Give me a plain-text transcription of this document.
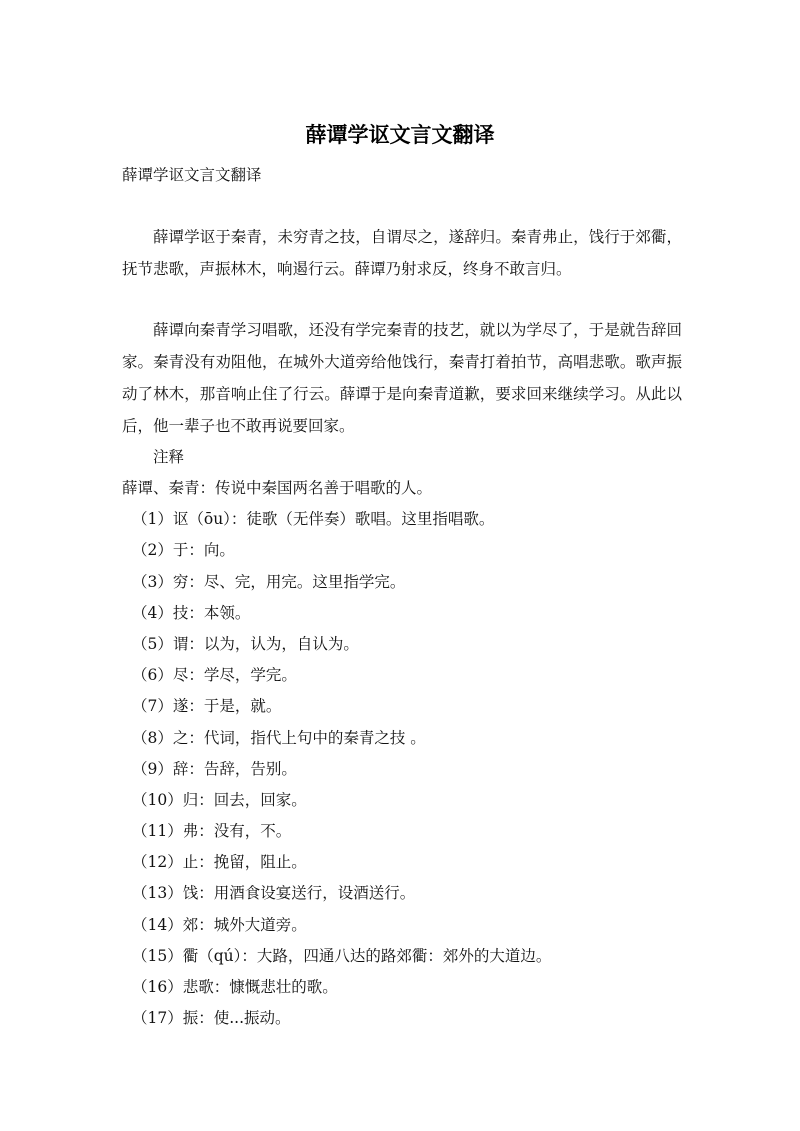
薛谭学讴文言文翻译

薛谭学讴文言文翻译

薛谭学讴于秦青，未穷青之技，自谓尽之，遂辞归。秦青弗止，饯行于郊衢，抚节悲歌，声振林木，响遏行云。薛谭乃射求反，终身不敢言归。

薛谭向秦青学习唱歌，还没有学完秦青的技艺，就以为学尽了，于是就告辞回家。秦青没有劝阻他，在城外大道旁给他饯行，秦青打着拍节，高唱悲歌。歌声振动了林木，那音响止住了行云。薛谭于是向秦青道歉，要求回来继续学习。从此以后，他一辈子也不敢再说要回家。

注释

薛谭、秦青：传说中秦国两名善于唱歌的人。

（1）讴（ōu）：徒歌（无伴奏）歌唱。这里指唱歌。

（2）于：向。

（3）穷：尽、完，用完。这里指学完。

（4）技：本领。

（5）谓：以为，认为，自认为。

（6）尽：学尽，学完。

（7）遂：于是，就。

（8）之：代词，指代上句中的秦青之技 。

（9）辞：告辞，告别。

（10）归：回去，回家。

（11）弗：没有，不。

（12）止：挽留，阻止。

（13）饯：用酒食设宴送行，设酒送行。

（14）郊：城外大道旁。

（15）衢（qú）：大路，四通八达的路郊衢：郊外的大道边。

（16）悲歌：慷慨悲壮的歌。

（17）振：使...振动。
